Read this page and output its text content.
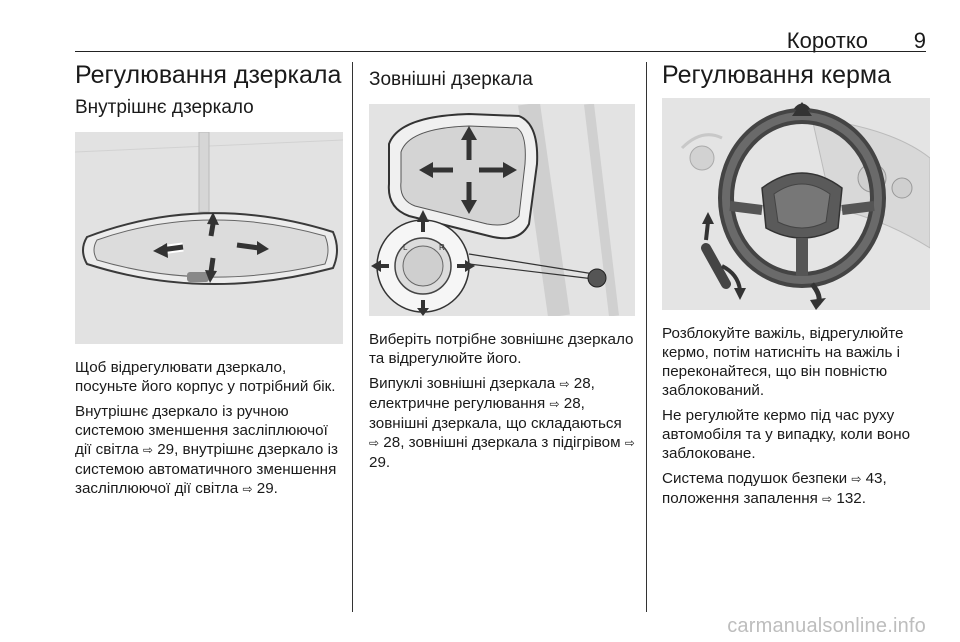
Коротко 9
Регулювання дзеркала
Внутрішнє дзеркало

Щоб відрегулювати дзеркало, посуньте його корпус у потрібний бік.

Внутрішнє дзеркало із ручною системою зменшення засліплюючої дії світла ⇨ 29, внутрішнє дзеркало із системою автоматичного зменшення засліплюючої дії світла ⇨ 29.

Зовнішні дзеркала
L	R

Виберіть потрібне зовнішнє дзеркало та відрегулюйте його.

Випуклі зовнішні дзеркала ⇨ 28, електричне регулювання ⇨ 28, зовнішні дзеркала, що складаються ⇨ 28, зовнішні дзеркала з підігрівом ⇨ 29.

Регулювання керма

Розблокуйте важіль, відрегулюйте кермо, потім натисніть на важіль і переконайтеся, що він повністю заблокований.

Не регулюйте кермо під час руху автомобіля та у випадку, коли воно заблоковане.

Система подушок безпеки ⇨ 43, положення запалення ⇨ 132.

carmanualsonline.info
